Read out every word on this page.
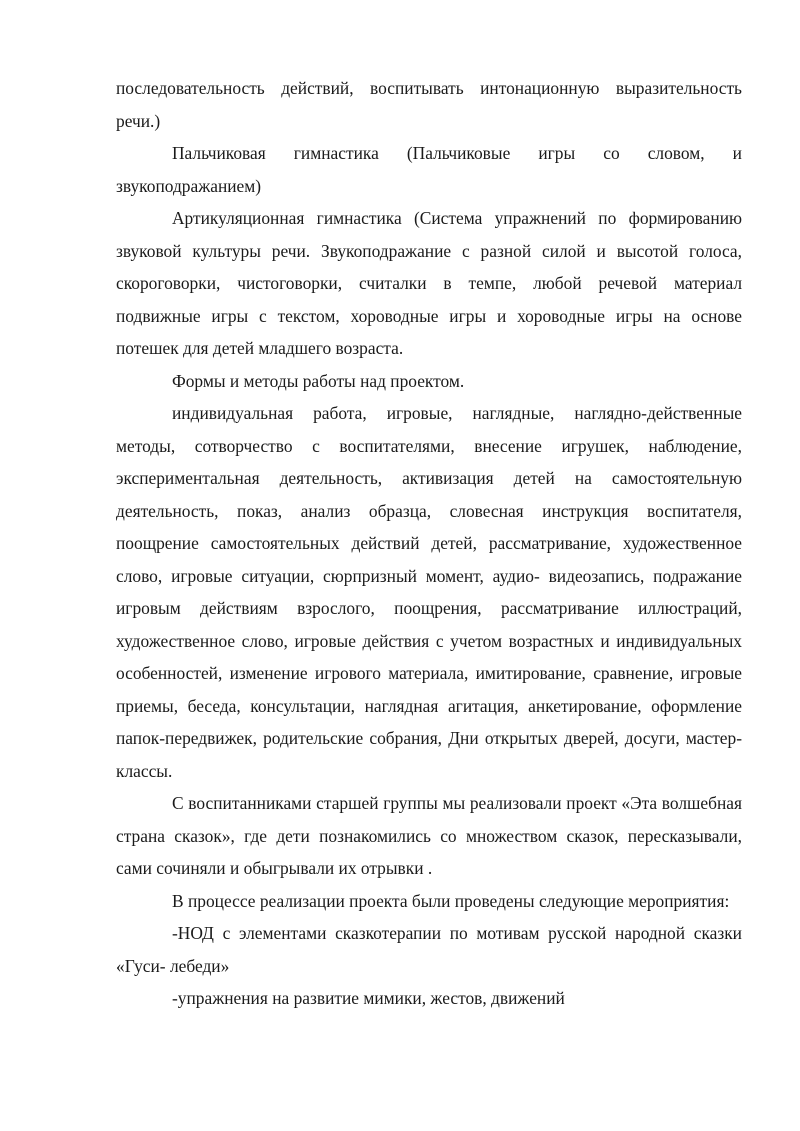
последовательность действий, воспитывать интонационную выразительность речи.)

Пальчиковая гимнастика (Пальчиковые игры со словом, и звукоподражанием)

Артикуляционная гимнастика (Система упражнений по формированию звуковой культуры речи. Звукоподражание с разной силой и высотой голоса, скороговорки, чистоговорки, считалки в темпе, любой речевой материал подвижные игры с текстом, хороводные игры и хороводные игры на основе потешек для детей младшего возраста.

Формы и методы работы над проектом.

индивидуальная работа, игровые, наглядные, наглядно-действенные методы, сотворчество с воспитателями, внесение игрушек, наблюдение, экспериментальная деятельность, активизация детей на самостоятельную деятельность, показ, анализ образца, словесная инструкция воспитателя, поощрение самостоятельных действий детей, рассматривание, художественное слово, игровые ситуации, сюрпризный момент, аудио- видеозапись, подражание игровым действиям взрослого, поощрения, рассматривание иллюстраций, художественное слово, игровые действия с учетом возрастных и индивидуальных особенностей, изменение игрового материала, имитирование, сравнение, игровые приемы, беседа, консультации, наглядная агитация, анкетирование, оформление папок-передвижек, родительские собрания, Дни открытых дверей, досуги, мастер-классы.

С воспитанниками старшей группы мы реализовали проект «Эта волшебная страна сказок», где дети познакомились со множеством сказок, пересказывали, сами сочиняли и обыгрывали их отрывки .

В процессе реализации проекта были проведены следующие мероприятия:

-НОД с элементами сказкотерапии по мотивам русской народной сказки «Гуси- лебеди»

-упражнения на развитие мимики, жестов, движений
